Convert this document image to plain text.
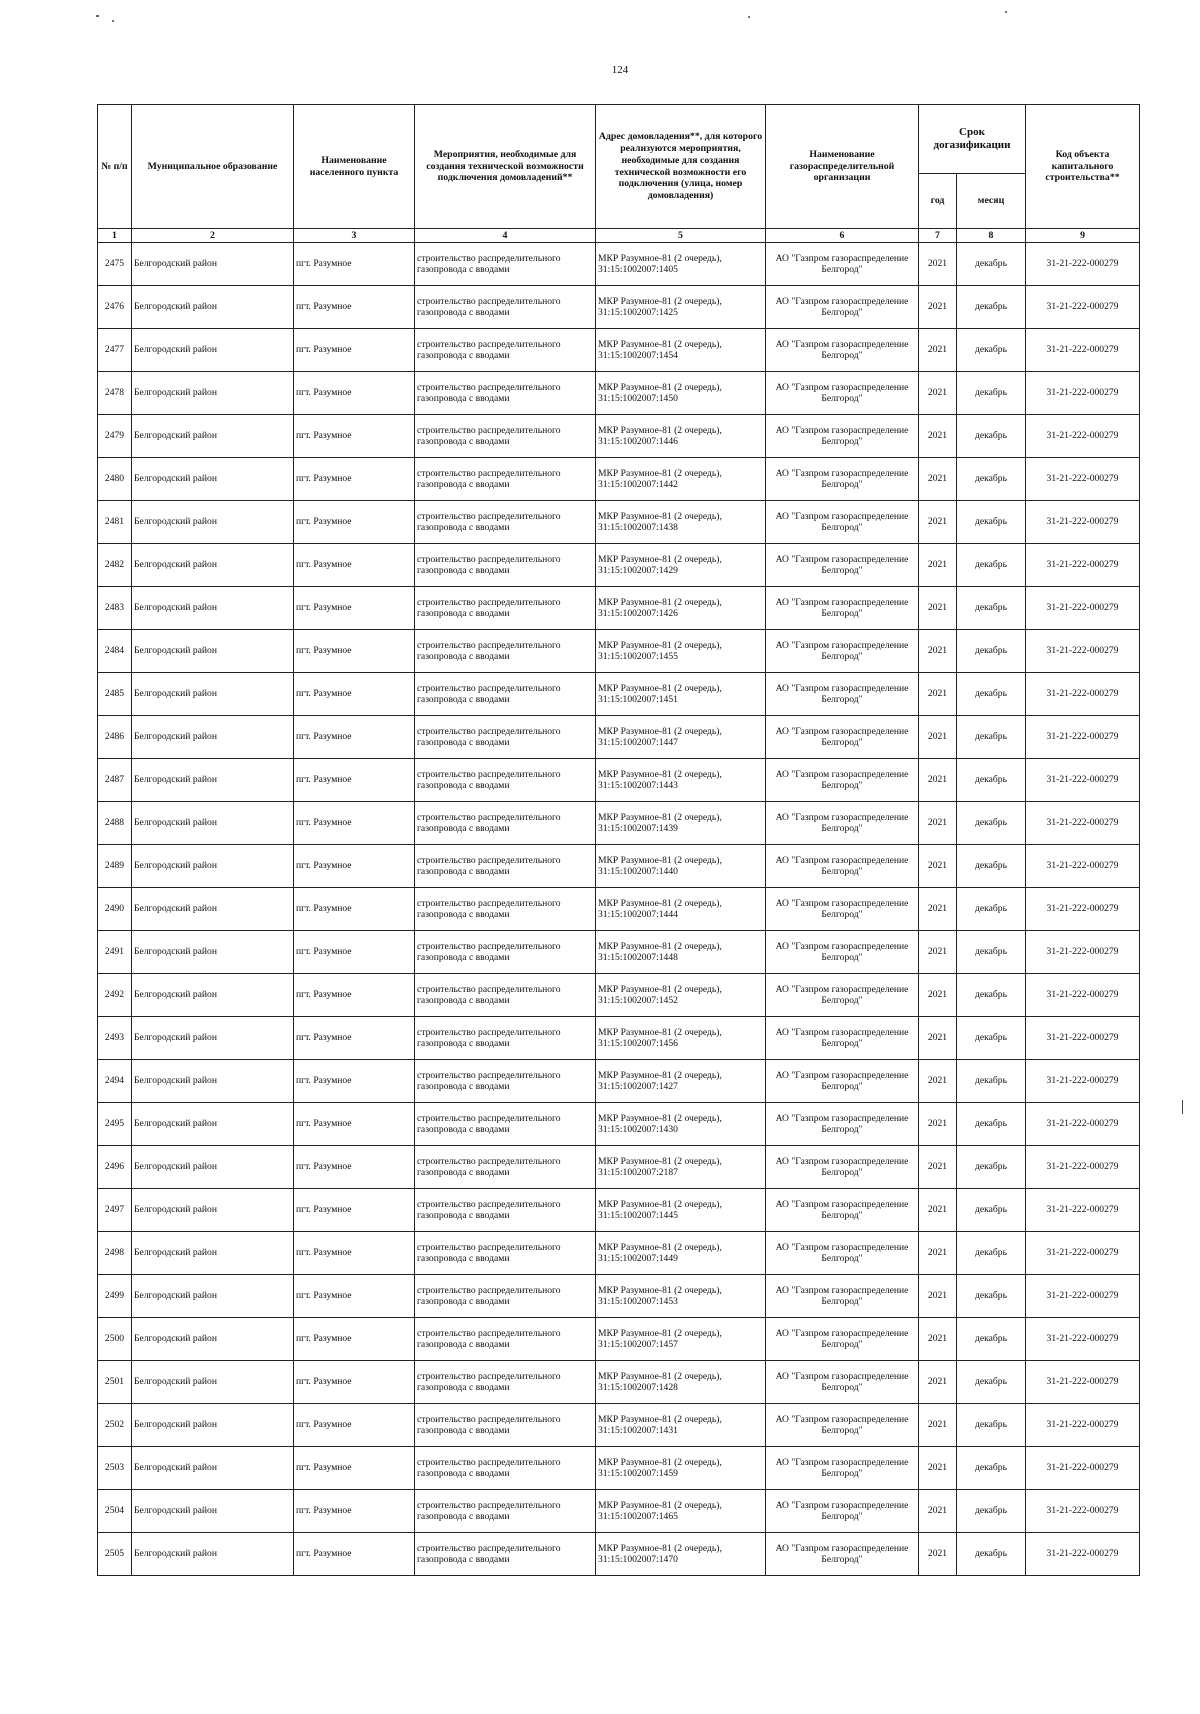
124
№ п/п	Муниципальное образование	Наименование населенного пункта	Мероприятия, необходимые для создания технической возможности подключения домовладений**	Адрес домовладения**, для которого реализуются мероприятия, необходимые для создания технической возможности его подключения (улица, номер домовладения)	Наименование газораспределительной организации	Срок догазификации		Код объекта капитального строительства**
						год	месяц	
1	2	3	4	5	6	7	8	9
2475	Белгородский район	пгт. Разумное	строительство распределительного газопровода с вводами	МКР Разумное-81 (2 очередь), 31:15:1002007:1405	АО "Газпром газораспределение Белгород"	2021	декабрь	31-21-222-000279
2476	Белгородский район	пгт. Разумное	строительство распределительного газопровода с вводами	МКР Разумное-81 (2 очередь), 31:15:1002007:1425	АО "Газпром газораспределение Белгород"	2021	декабрь	31-21-222-000279
2477	Белгородский район	пгт. Разумное	строительство распределительного газопровода с вводами	МКР Разумное-81 (2 очередь), 31:15:1002007:1454	АО "Газпром газораспределение Белгород"	2021	декабрь	31-21-222-000279
2478	Белгородский район	пгт. Разумное	строительство распределительного газопровода с вводами	МКР Разумное-81 (2 очередь), 31:15:1002007:1450	АО "Газпром газораспределение Белгород"	2021	декабрь	31-21-222-000279
2479	Белгородский район	пгт. Разумное	строительство распределительного газопровода с вводами	МКР Разумное-81 (2 очередь), 31:15:1002007:1446	АО "Газпром газораспределение Белгород"	2021	декабрь	31-21-222-000279
2480	Белгородский район	пгт. Разумное	строительство распределительного газопровода с вводами	МКР Разумное-81 (2 очередь), 31:15:1002007:1442	АО "Газпром газораспределение Белгород"	2021	декабрь	31-21-222-000279
2481	Белгородский район	пгт. Разумное	строительство распределительного газопровода с вводами	МКР Разумное-81 (2 очередь), 31:15:1002007:1438	АО "Газпром газораспределение Белгород"	2021	декабрь	31-21-222-000279
2482	Белгородский район	пгт. Разумное	строительство распределительного газопровода с вводами	МКР Разумное-81 (2 очередь), 31:15:1002007:1429	АО "Газпром газораспределение Белгород"	2021	декабрь	31-21-222-000279
2483	Белгородский район	пгт. Разумное	строительство распределительного газопровода с вводами	МКР Разумное-81 (2 очередь), 31:15:1002007:1426	АО "Газпром газораспределение Белгород"	2021	декабрь	31-21-222-000279
2484	Белгородский район	пгт. Разумное	строительство распределительного газопровода с вводами	МКР Разумное-81 (2 очередь), 31:15:1002007:1455	АО "Газпром газораспределение Белгород"	2021	декабрь	31-21-222-000279
2485	Белгородский район	пгт. Разумное	строительство распределительного газопровода с вводами	МКР Разумное-81 (2 очередь), 31:15:1002007:1451	АО "Газпром газораспределение Белгород"	2021	декабрь	31-21-222-000279
2486	Белгородский район	пгт. Разумное	строительство распределительного газопровода с вводами	МКР Разумное-81 (2 очередь), 31:15:1002007:1447	АО "Газпром газораспределение Белгород"	2021	декабрь	31-21-222-000279
2487	Белгородский район	пгт. Разумное	строительство распределительного газопровода с вводами	МКР Разумное-81 (2 очередь), 31:15:1002007:1443	АО "Газпром газораспределение Белгород"	2021	декабрь	31-21-222-000279
2488	Белгородский район	пгт. Разумное	строительство распределительного газопровода с вводами	МКР Разумное-81 (2 очередь), 31:15:1002007:1439	АО "Газпром газораспределение Белгород"	2021	декабрь	31-21-222-000279
2489	Белгородский район	пгт. Разумное	строительство распределительного газопровода с вводами	МКР Разумное-81 (2 очередь), 31:15:1002007:1440	АО "Газпром газораспределение Белгород"	2021	декабрь	31-21-222-000279
2490	Белгородский район	пгт. Разумное	строительство распределительного газопровода с вводами	МКР Разумное-81 (2 очередь), 31:15:1002007:1444	АО "Газпром газораспределение Белгород"	2021	декабрь	31-21-222-000279
2491	Белгородский район	пгт. Разумное	строительство распределительного газопровода с вводами	МКР Разумное-81 (2 очередь), 31:15:1002007:1448	АО "Газпром газораспределение Белгород"	2021	декабрь	31-21-222-000279
2492	Белгородский район	пгт. Разумное	строительство распределительного газопровода с вводами	МКР Разумное-81 (2 очередь), 31:15:1002007:1452	АО "Газпром газораспределение Белгород"	2021	декабрь	31-21-222-000279
2493	Белгородский район	пгт. Разумное	строительство распределительного газопровода с вводами	МКР Разумное-81 (2 очередь), 31:15:1002007:1456	АО "Газпром газораспределение Белгород"	2021	декабрь	31-21-222-000279
2494	Белгородский район	пгт. Разумное	строительство распределительного газопровода с вводами	МКР Разумное-81 (2 очередь), 31:15:1002007:1427	АО "Газпром газораспределение Белгород"	2021	декабрь	31-21-222-000279
2495	Белгородский район	пгт. Разумное	строительство распределительного газопровода с вводами	МКР Разумное-81 (2 очередь), 31:15:1002007:1430	АО "Газпром газораспределение Белгород"	2021	декабрь	31-21-222-000279
2496	Белгородский район	пгт. Разумное	строительство распределительного газопровода с вводами	МКР Разумное-81 (2 очередь), 31:15:1002007:2187	АО "Газпром газораспределение Белгород"	2021	декабрь	31-21-222-000279
2497	Белгородский район	пгт. Разумное	строительство распределительного газопровода с вводами	МКР Разумное-81 (2 очередь), 31:15:1002007:1445	АО "Газпром газораспределение Белгород"	2021	декабрь	31-21-222-000279
2498	Белгородский район	пгт. Разумное	строительство распределительного газопровода с вводами	МКР Разумное-81 (2 очередь), 31:15:1002007:1449	АО "Газпром газораспределение Белгород"	2021	декабрь	31-21-222-000279
2499	Белгородский район	пгт. Разумное	строительство распределительного газопровода с вводами	МКР Разумное-81 (2 очередь), 31:15:1002007:1453	АО "Газпром газораспределение Белгород"	2021	декабрь	31-21-222-000279
2500	Белгородский район	пгт. Разумное	строительство распределительного газопровода с вводами	МКР Разумное-81 (2 очередь), 31:15:1002007:1457	АО "Газпром газораспределение Белгород"	2021	декабрь	31-21-222-000279
2501	Белгородский район	пгт. Разумное	строительство распределительного газопровода с вводами	МКР Разумное-81 (2 очередь), 31:15:1002007:1428	АО "Газпром газораспределение Белгород"	2021	декабрь	31-21-222-000279
2502	Белгородский район	пгт. Разумное	строительство распределительного газопровода с вводами	МКР Разумное-81 (2 очередь), 31:15:1002007:1431	АО "Газпром газораспределение Белгород"	2021	декабрь	31-21-222-000279
2503	Белгородский район	пгт. Разумное	строительство распределительного газопровода с вводами	МКР Разумное-81 (2 очередь), 31:15:1002007:1459	АО "Газпром газораспределение Белгород"	2021	декабрь	31-21-222-000279
2504	Белгородский район	пгт. Разумное	строительство распределительного газопровода с вводами	МКР Разумное-81 (2 очередь), 31:15:1002007:1465	АО "Газпром газораспределение Белгород"	2021	декабрь	31-21-222-000279
2505	Белгородский район	пгт. Разумное	строительство распределительного газопровода с вводами	МКР Разумное-81 (2 очередь), 31:15:1002007:1470	АО "Газпром газораспределение Белгород"	2021	декабрь	31-21-222-000279
